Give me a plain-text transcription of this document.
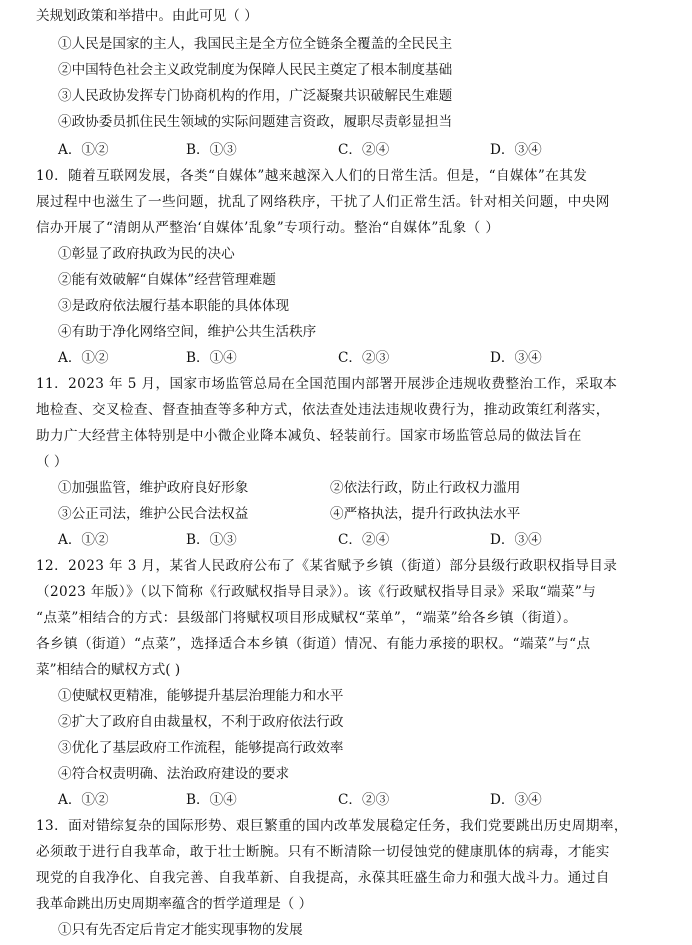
关规划政策和举措中。由此可见（ ）
①人民是国家的主人，我国民主是全方位全链条全覆盖的全民民主
②中国特色社会主义政党制度为保障人民民主奠定了根本制度基础
③人民政协发挥专门协商机构的作用，广泛凝聚共识破解民生难题
④政协委员抓住民生领域的实际问题建言资政，履职尽责彰显担当
A．①②	B．①③	C．②④	D．③④
10．随着互联网发展，各类“自媒体”越来越深入人们的日常生活。但是，“自媒体”在其发
展过程中也滋生了一些问题，扰乱了网络秩序，干扰了人们正常生活。针对相关问题，中央网
信办开展了“清朗从严整治‘自媒体’乱象”专项行动。整治“自媒体”乱象（ ）
①彰显了政府执政为民的决心
②能有效破解“自媒体”经营管理难题
③是政府依法履行基本职能的具体体现
④有助于净化网络空间，维护公共生活秩序
A．①②	B．①④	C．②③	D．③④
11．2023 年 5 月，国家市场监管总局在全国范围内部署开展涉企违规收费整治工作，采取本
地检查、交叉检查、督查抽查等多种方式，依法查处违法违规收费行为，推动政策红利落实，
助力广大经营主体特别是中小微企业降本减负、轻装前行。国家市场监管总局的做法旨在
（ ）
①加强监管，维护政府良好形象	②依法行政，防止行政权力滥用
③公正司法，维护公民合法权益	④严格执法，提升行政执法水平
A．①②	B．①③	C．②④	D．③④
12．2023 年 3 月，某省人民政府公布了《某省赋予乡镇（街道）部分县级行政职权指导目录
（2023 年版）》（以下简称《行政赋权指导目录》）。该《行政赋权指导目录》采取“端菜”与
“点菜”相结合的方式：县级部门将赋权项目形成赋权“菜单”，“端菜”给各乡镇（街道）。
各乡镇（街道）“点菜”，选择适合本乡镇（街道）情况、有能力承接的职权。“端菜”与“点
菜”相结合的赋权方式( )
①使赋权更精准，能够提升基层治理能力和水平
②扩大了政府自由裁量权，不利于政府依法行政
③优化了基层政府工作流程，能够提高行政效率
④符合权责明确、法治政府建设的要求
A．①②	B．①④	C．②③	D．③④
13．面对错综复杂的国际形势、艰巨繁重的国内改革发展稳定任务，我们党要跳出历史周期率，
必须敢于进行自我革命，敢于壮士断腕。只有不断清除一切侵蚀党的健康肌体的病毒，才能实
现党的自我净化、自我完善、自我革新、自我提高，永葆其旺盛生命力和强大战斗力。通过自
我革命跳出历史周期率蕴含的哲学道理是（ ）
①只有先否定后肯定才能实现事物的发展
